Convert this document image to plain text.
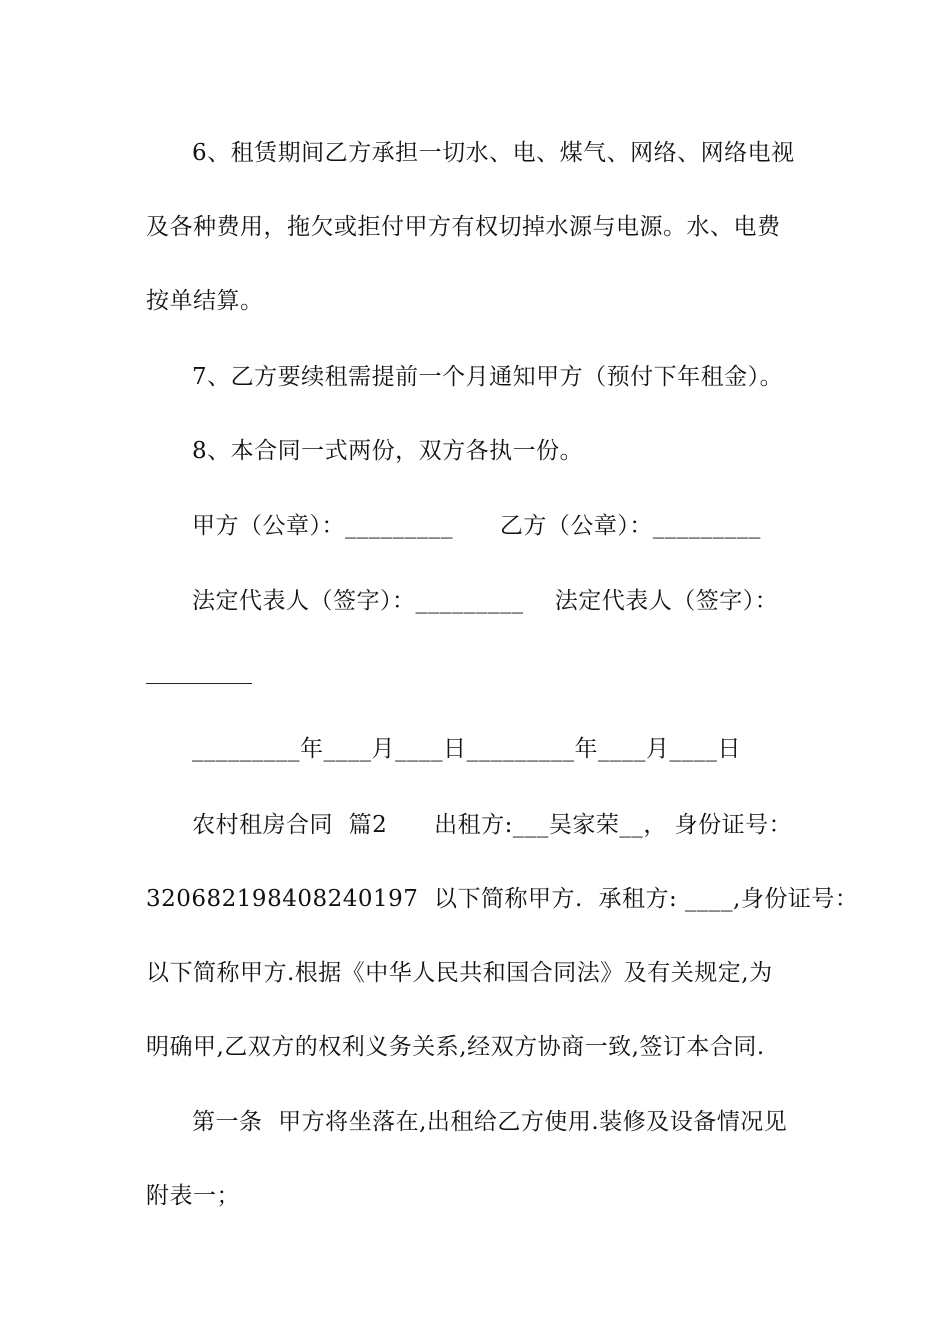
6、租赁期间乙方承担一切水、电、煤气、网络、网络电视
及各种费用，拖欠或拒付甲方有权切掉水源与电源。水、电费
按单结算。
7、乙方要续租需提前一个月通知甲方（预付下年租金）。
8、本合同一式两份，双方各执一份。
甲方（公章）：_________      乙方（公章）：_________
法定代表人（签字）：_________    法定代表人（签字）：
_________年____月____日_________年____月____日
农村租房合同  篇2      出租方:___吴家荣__， 身份证号：
320682198408240197  以下简称甲方.  承租方: ____,身份证号：
以下简称甲方.根据《中华人民共和国合同法》及有关规定,为
明确甲,乙双方的权利义务关系,经双方协商一致,签订本合同.
第一条  甲方将坐落在,出租给乙方使用.装修及设备情况见
附表一；
